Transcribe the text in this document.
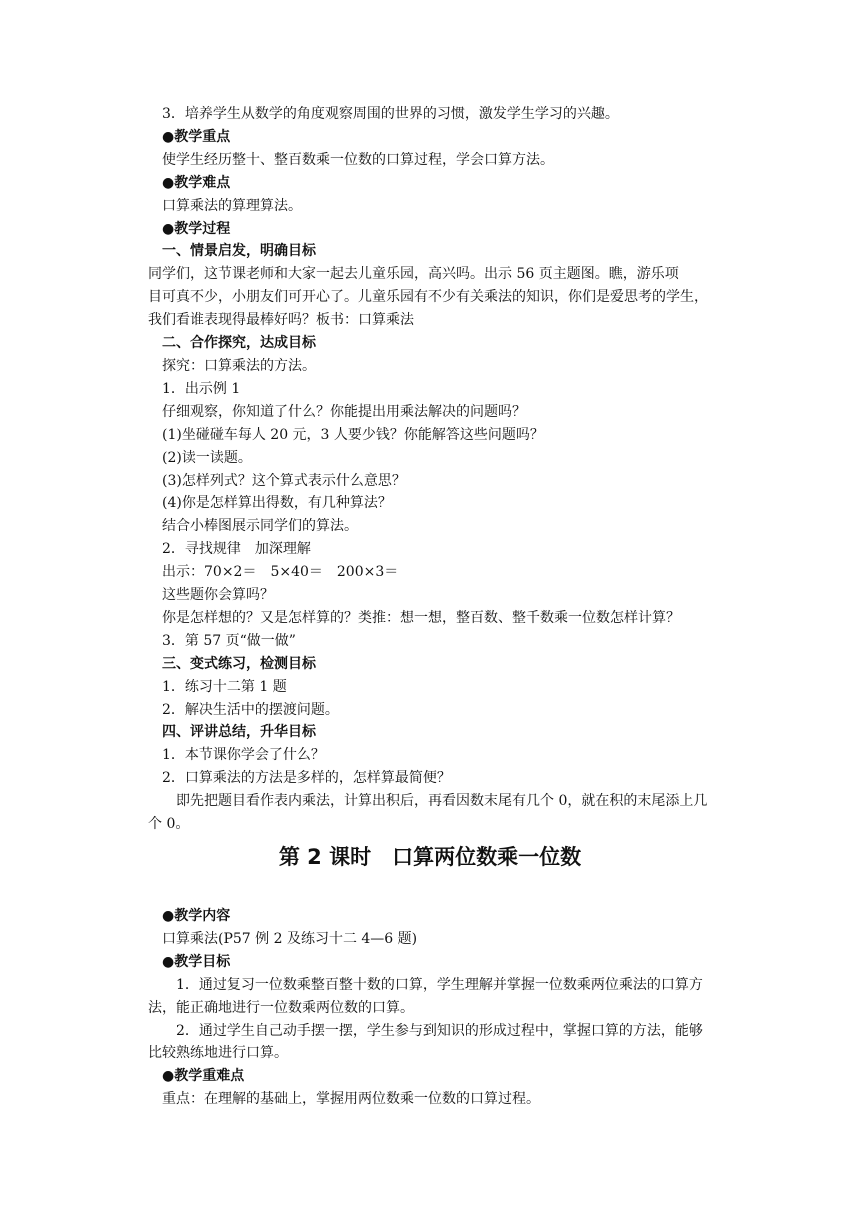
3．培养学生从数学的角度观察周围的世界的习惯，激发学生学习的兴趣。
●教学重点
使学生经历整十、整百数乘一位数的口算过程，学会口算方法。
●教学难点
口算乘法的算理算法。
●教学过程
一、情景启发，明确目标
同学们，这节课老师和大家一起去儿童乐园，高兴吗。出示 56 页主题图。瞧，游乐项
目可真不少，小朋友们可开心了。儿童乐园有不少有关乘法的知识，你们是爱思考的学生，
我们看谁表现得最棒好吗？板书：口算乘法
二、合作探究，达成目标
探究：口算乘法的方法。
1．出示例 1
仔细观察，你知道了什么？你能提出用乘法解决的问题吗？
(1)坐碰碰车每人 20 元，3 人要少钱？你能解答这些问题吗？
(2)读一读题。
(3)怎样列式？这个算式表示什么意思？
(4)你是怎样算出得数，有几种算法？
结合小棒图展示同学们的算法。
2．寻找规律　加深理解
出示：70×2＝　5×40＝　200×3＝
这些题你会算吗？
你是怎样想的？又是怎样算的？类推：想一想，整百数、整千数乘一位数怎样计算？
3．第 57 页“做一做”
三、变式练习，检测目标
1．练习十二第 1 题
2．解决生活中的摆渡问题。
四、评讲总结，升华目标
1．本节课你学会了什么？
2．口算乘法的方法是多样的，怎样算最简便？
即先把题目看作表内乘法，计算出积后，再看因数末尾有几个 0，就在积的末尾添上几
个 0。
第 2 课时　口算两位数乘一位数
●教学内容
口算乘法(P57 例 2 及练习十二 4—6 题)
●教学目标
1．通过复习一位数乘整百整十数的口算，学生理解并掌握一位数乘两位乘法的口算方
法，能正确地进行一位数乘两位数的口算。
2．通过学生自己动手摆一摆，学生参与到知识的形成过程中，掌握口算的方法，能够
比较熟练地进行口算。
●教学重难点
重点：在理解的基础上，掌握用两位数乘一位数的口算过程。
